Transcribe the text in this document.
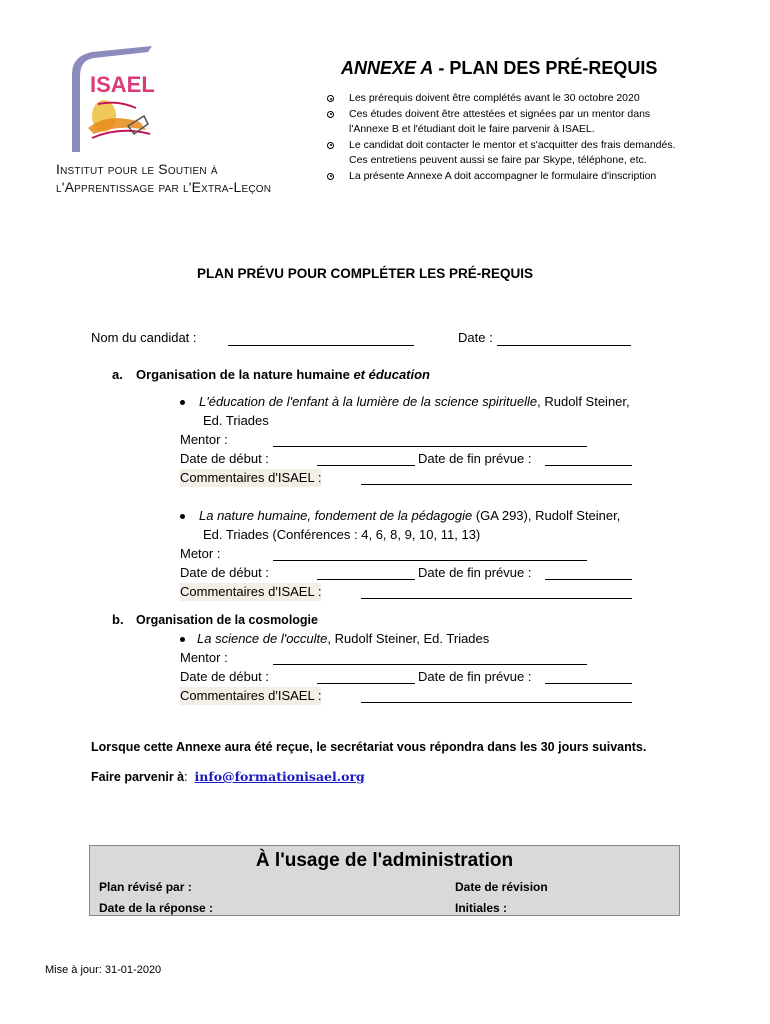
ISAEL
Institut pour le Soutien à
l'Apprentissage par l'Extra-Leçon
ANNEXE A - PLAN DES PRÉ-REQUIS
Les prérequis doivent être complétés avant le 30 octobre 2020
Ces études doivent être attestées et signées par un mentor dans l'Annexe B et l'étudiant doit le faire parvenir à ISAEL.
Le candidat doit contacter le mentor et s'acquitter des frais demandés. Ces entretiens peuvent aussi se faire par Skype, téléphone, etc.
La présente Annexe A doit accompagner le formulaire d'inscription
PLAN PRÉVU POUR COMPLÉTER LES PRÉ-REQUIS
Nom du candidat :	Date :
a. Organisation de la nature humaine et éducation
L'éducation de l'enfant à la lumière de la science spirituelle, Rudolf Steiner,
Ed. Triades
Mentor :
Date de début :	Date de fin prévue :
Commentaires d'ISAEL :
La nature humaine, fondement de la pédagogie (GA 293), Rudolf Steiner,
Ed. Triades (Conférences : 4, 6, 8, 9, 10, 11, 13)
Metor :
Date de début :	Date de fin prévue :
Commentaires d'ISAEL :
b. Organisation de la cosmologie
La science de l'occulte, Rudolf Steiner, Ed. Triades
Mentor :
Date de début :	Date de fin prévue :
Commentaires d'ISAEL :
Lorsque cette Annexe aura été reçue, le secrétariat vous répondra dans les 30 jours suivants.
Faire parvenir à: info@formationisael.org
À l'usage de l'administration
Plan révisé par :	Date de révision
Date de la réponse :	Initiales :
Mise à jour: 31-01-2020
